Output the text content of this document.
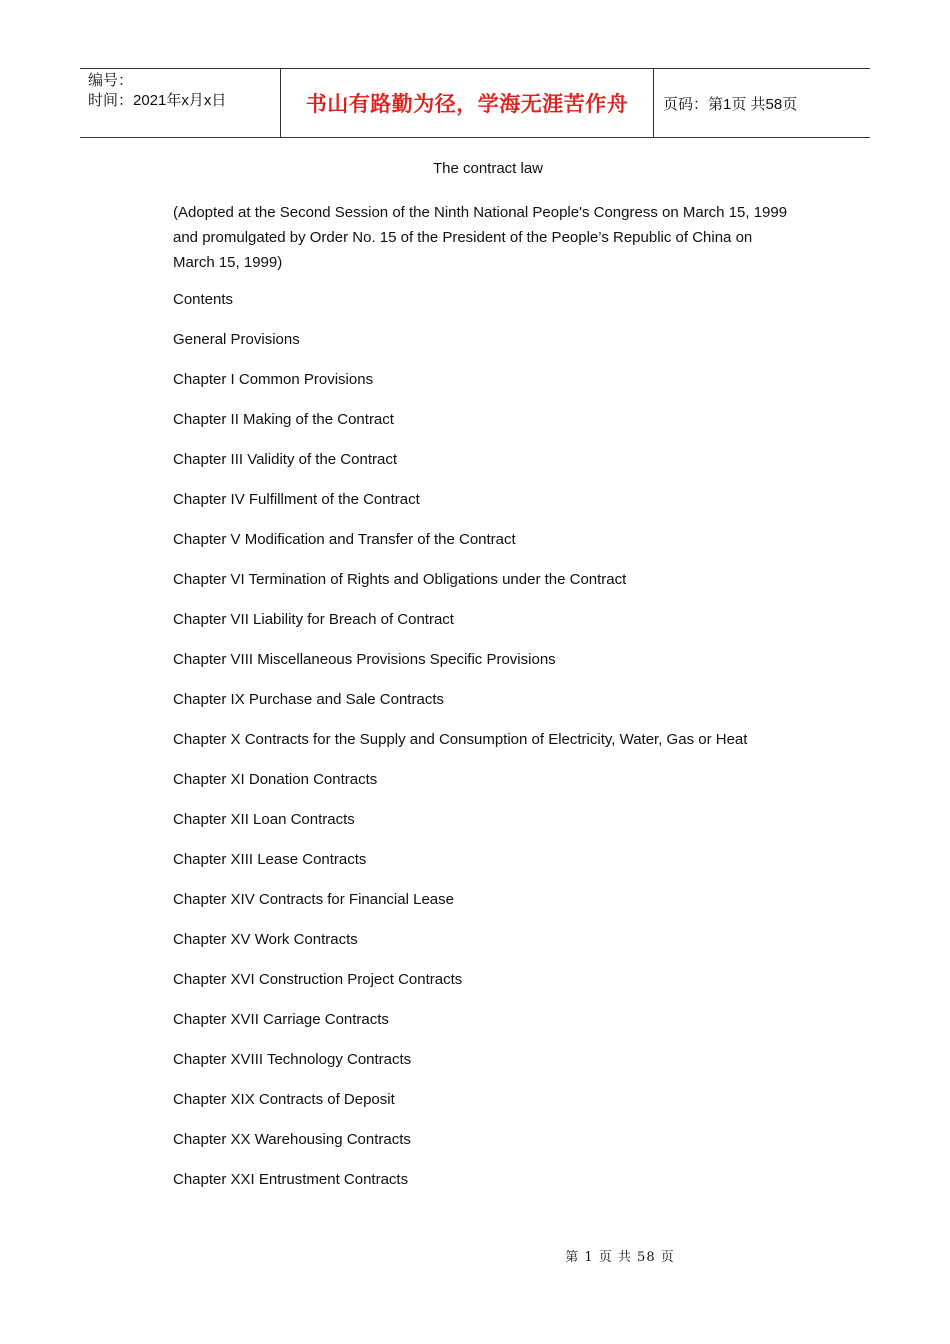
编号：
时间：2021年x月x日	书山有路勤为径，学海无涯苦作舟	页码：第1页 共58页
The contract law
(Adopted at the Second Session of the Ninth National People's Congress on March 15, 1999 and promulgated by Order No. 15 of the President of the People’s Republic of China on March 15, 1999)
Contents
General Provisions
Chapter I Common Provisions
Chapter II Making of the Contract
Chapter III Validity of the Contract
Chapter IV Fulfillment of the Contract
Chapter V Modification and Transfer of the Contract
Chapter VI Termination of Rights and Obligations under the Contract
Chapter VII Liability for Breach of Contract
Chapter VIII Miscellaneous Provisions Specific Provisions
Chapter IX Purchase and Sale Contracts
Chapter X Contracts for the Supply and Consumption of Electricity, Water, Gas or Heat
Chapter XI Donation Contracts
Chapter XII Loan Contracts
Chapter XIII Lease Contracts
Chapter XIV Contracts for Financial Lease
Chapter XV Work Contracts
Chapter XVI Construction Project Contracts
Chapter XVII Carriage Contracts
Chapter XVIII Technology Contracts
Chapter XIX Contracts of Deposit
Chapter XX Warehousing Contracts
Chapter XXI Entrustment Contracts
第 1 页 共 58 页
